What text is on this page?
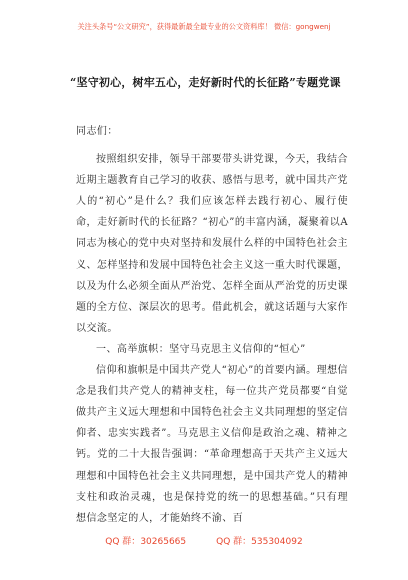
关注头条号“公文研究”，获得最新最全最专业的公文资料库！ 微信：gongwenj
“坚守初心，树牢五心，走好新时代的长征路”专题党课

同志们：

按照组织安排，领导干部要带头讲党课，今天，我结合近期主题教育自己学习的收获、感悟与思考，就中国共产党人的“初心”是什么？我们应该怎样去践行初心、履行使命，走好新时代的长征路？“初心”的丰富内涵，凝聚着以A同志为核心的党中央对坚持和发展什么样的中国特色社会主义、怎样坚持和发展中国特色社会主义这一重大时代课题，以及为什么必须全面从严治党、怎样全面从严治党的历史课题的全方位、深层次的思考。借此机会，就这话题与大家作以交流。

一、高举旗帜：坚守马克思主义信仰的“恒心”

信仰和旗帜是中国共产党人“初心”的首要内涵。理想信念是我们共产党人的精神支柱，每一位共产党员都要“自觉做共产主义远大理想和中国特色社会主义共同理想的坚定信仰者、忠实实践者”。马克思主义信仰是政治之魂、精神之钙。党的二十大报告强调：“革命理想高于天共产主义远大理想和中国特色社会主义共同理想，是中国共产党人的精神支柱和政治灵魂，也是保持党的统一的思想基础。”只有理想信念坚定的人，才能始终不渝、百

QQ 群：30265665	QQ 群：535304092
